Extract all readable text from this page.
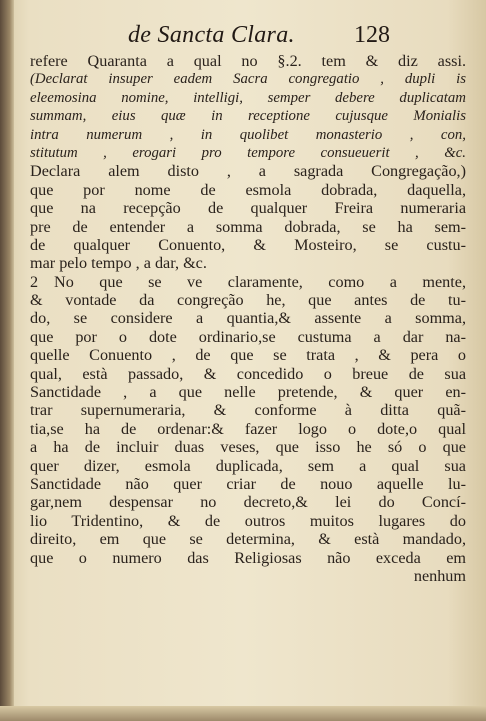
de Sancta Clara. 128
refere Quaranta a qual no §.2. tem & diz assi.
(Declarat insuper eadem Sacra congregatio , dupli is
eleemosina nomine, intelligi, semper debere duplicatam
summam, eius quæ in receptione cujusque Monialis
intra numerum , in quolibet monasterio , con,
stitutum , erogari pro tempore consueuerit , &c.
Declara alem disto , a sagrada Congregação,)
que por nome de esmola dobrada, daquella,
que na recepção de qualquer Freira numeraria
pre de entender a somma dobrada, se ha sem-
de qualquer Conuento, & Mosteiro, se custu-
mar pelo tempo , a dar, &c.
2 No que se ve claramente, como a mente,
& vontade da congreção he, que antes de tu-
do, se considere a quantia,& assente a somma,
que por o dote ordinario,se custuma a dar na-
quelle Conuento , de que se trata , & pera o
qual, està passado, & concedido o breue de sua
Sanctidade , a que nelle pretende, & quer en-
trar supernumeraria, & conforme à ditta quã-
tia,se ha de ordenar:& fazer logo o dote,o qual
a ha de incluir duas veses, que isso he só o que
quer dizer, esmola duplicada, sem a qual sua
Sanctidade não quer criar de nouo aquelle lu-
gar,nem despensar no decreto,& lei do Concí-
lio Tridentino, & de outros muitos lugares do
direito, em que se determina, & està mandado,
que o numero das Religiosas não exceda em
nenhum
